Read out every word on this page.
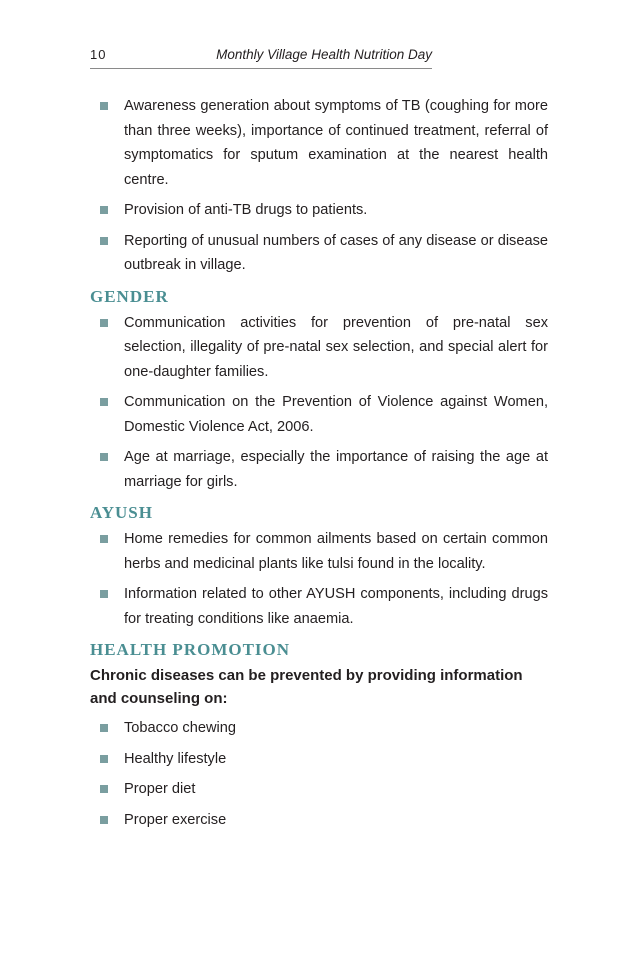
10	Monthly Village Health Nutrition Day
Awareness generation about symptoms of TB (coughing for more than three weeks), importance of continued treatment, referral of symptomatics for sputum examination at the nearest health centre.
Provision of anti-TB drugs to patients.
Reporting of unusual numbers of cases of any disease or disease outbreak in village.
GENDER
Communication activities for prevention of pre-natal sex selection, illegality of pre-natal sex selection, and special alert for one-daughter families.
Communication on the Prevention of Violence against Women, Domestic Violence Act, 2006.
Age at marriage, especially the importance of raising the age at marriage for girls.
AYUSH
Home remedies for common ailments based on certain common herbs and medicinal plants like tulsi found in the locality.
Information related to other AYUSH components, including drugs for treating conditions like anaemia.
HEALTH PROMOTION

Chronic diseases can be prevented by providing information and counseling on:

Tobacco chewing
Healthy lifestyle
Proper diet
Proper exercise
